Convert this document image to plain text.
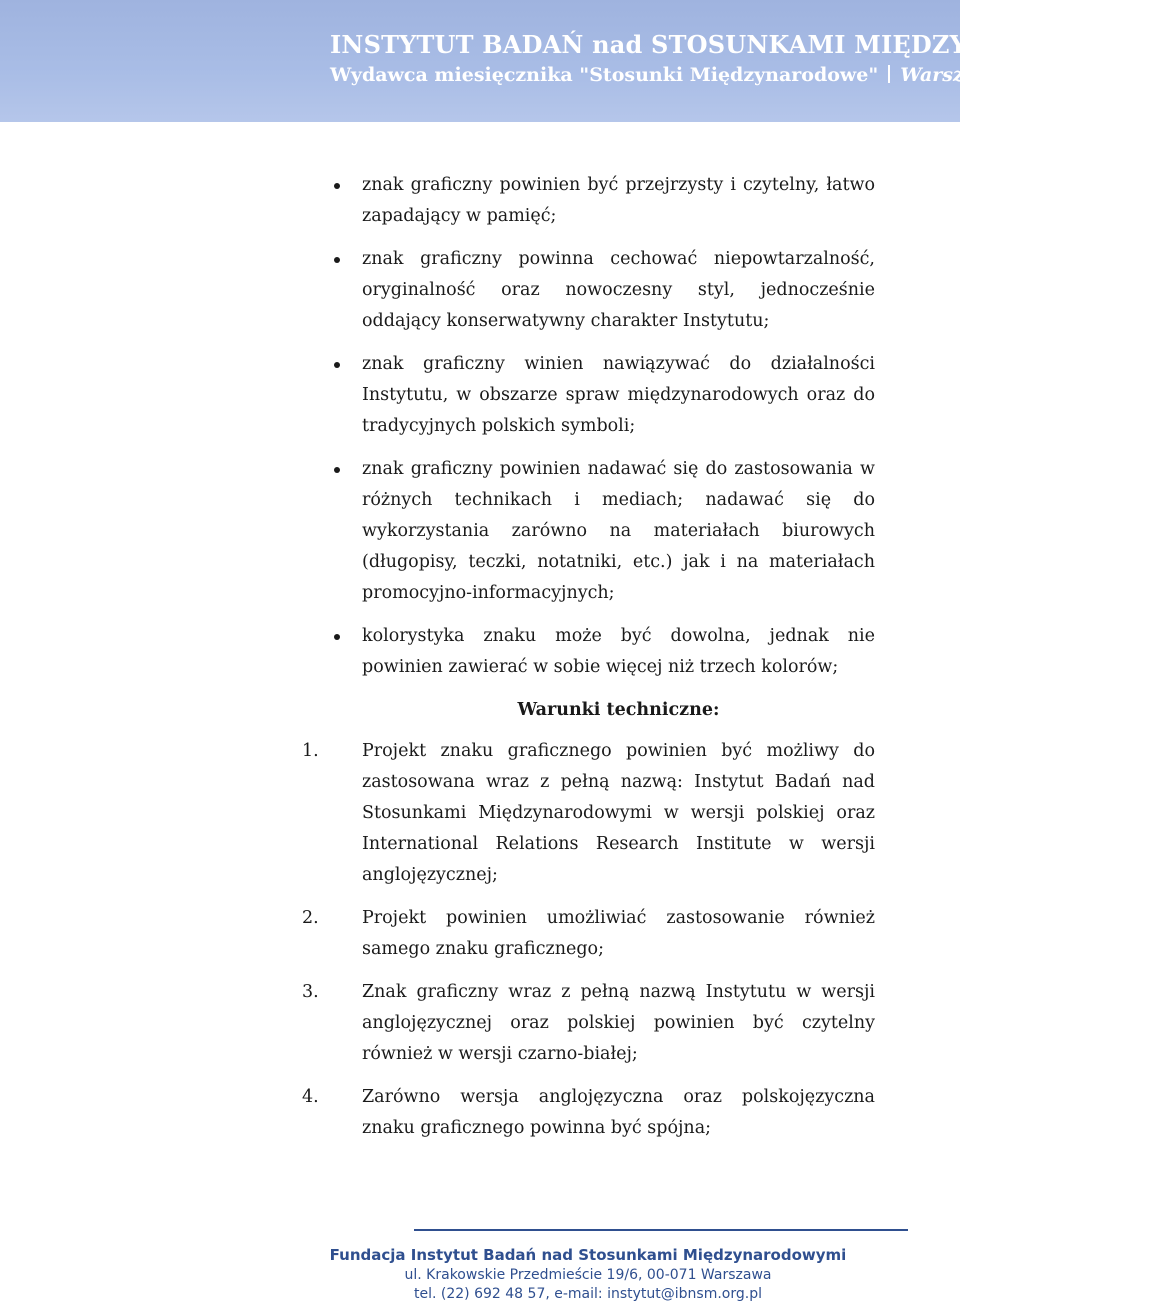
INSTYTUT BADAŃ nad STOSUNKAMI MIĘDZYNARODOWYMI
Wydawca miesięcznika "Stosunki Międzynarodowe" Warszawa
znak graficzny powinien być przejrzysty i czytelny, łatwo zapadający w pamięć;
znak graficzny powinna cechować niepowtarzalność, oryginalność oraz nowoczesny styl, jednocześnie oddający konserwatywny charakter Instytutu;
znak graficzny winien nawiązywać do działalności Instytutu, w obszarze spraw międzynarodowych oraz do tradycyjnych polskich symboli;
znak graficzny powinien nadawać się do zastosowania w różnych technikach i mediach; nadawać się do wykorzystania zarówno na materiałach biurowych (długopisy, teczki, notatniki, etc.) jak i na materiałach promocyjno-informacyjnych;
kolorystyka znaku może być dowolna, jednak nie powinien zawierać w sobie więcej niż trzech kolorów;
Warunki techniczne:
1. Projekt znaku graficznego powinien być możliwy do zastosowana wraz z pełną nazwą: Instytut Badań nad Stosunkami Międzynarodowymi w wersji polskiej oraz International Relations Research Institute w wersji anglojęzycznej;
2. Projekt powinien umożliwiać zastosowanie również samego znaku graficznego;
3. Znak graficzny wraz z pełną nazwą Instytutu w wersji anglojęzycznej oraz polskiej powinien być czytelny również w wersji czarno-białej;
4. Zarówno wersja anglojęzyczna oraz polskojęzyczna znaku graficznego powinna być spójna;
Fundacja Instytut Badań nad Stosunkami Międzynarodowymi
ul. Krakowskie Przedmieście 19/6, 00-071 Warszawa
tel. (22) 692 48 57, e-mail: instytut@ibnsm.org.pl
